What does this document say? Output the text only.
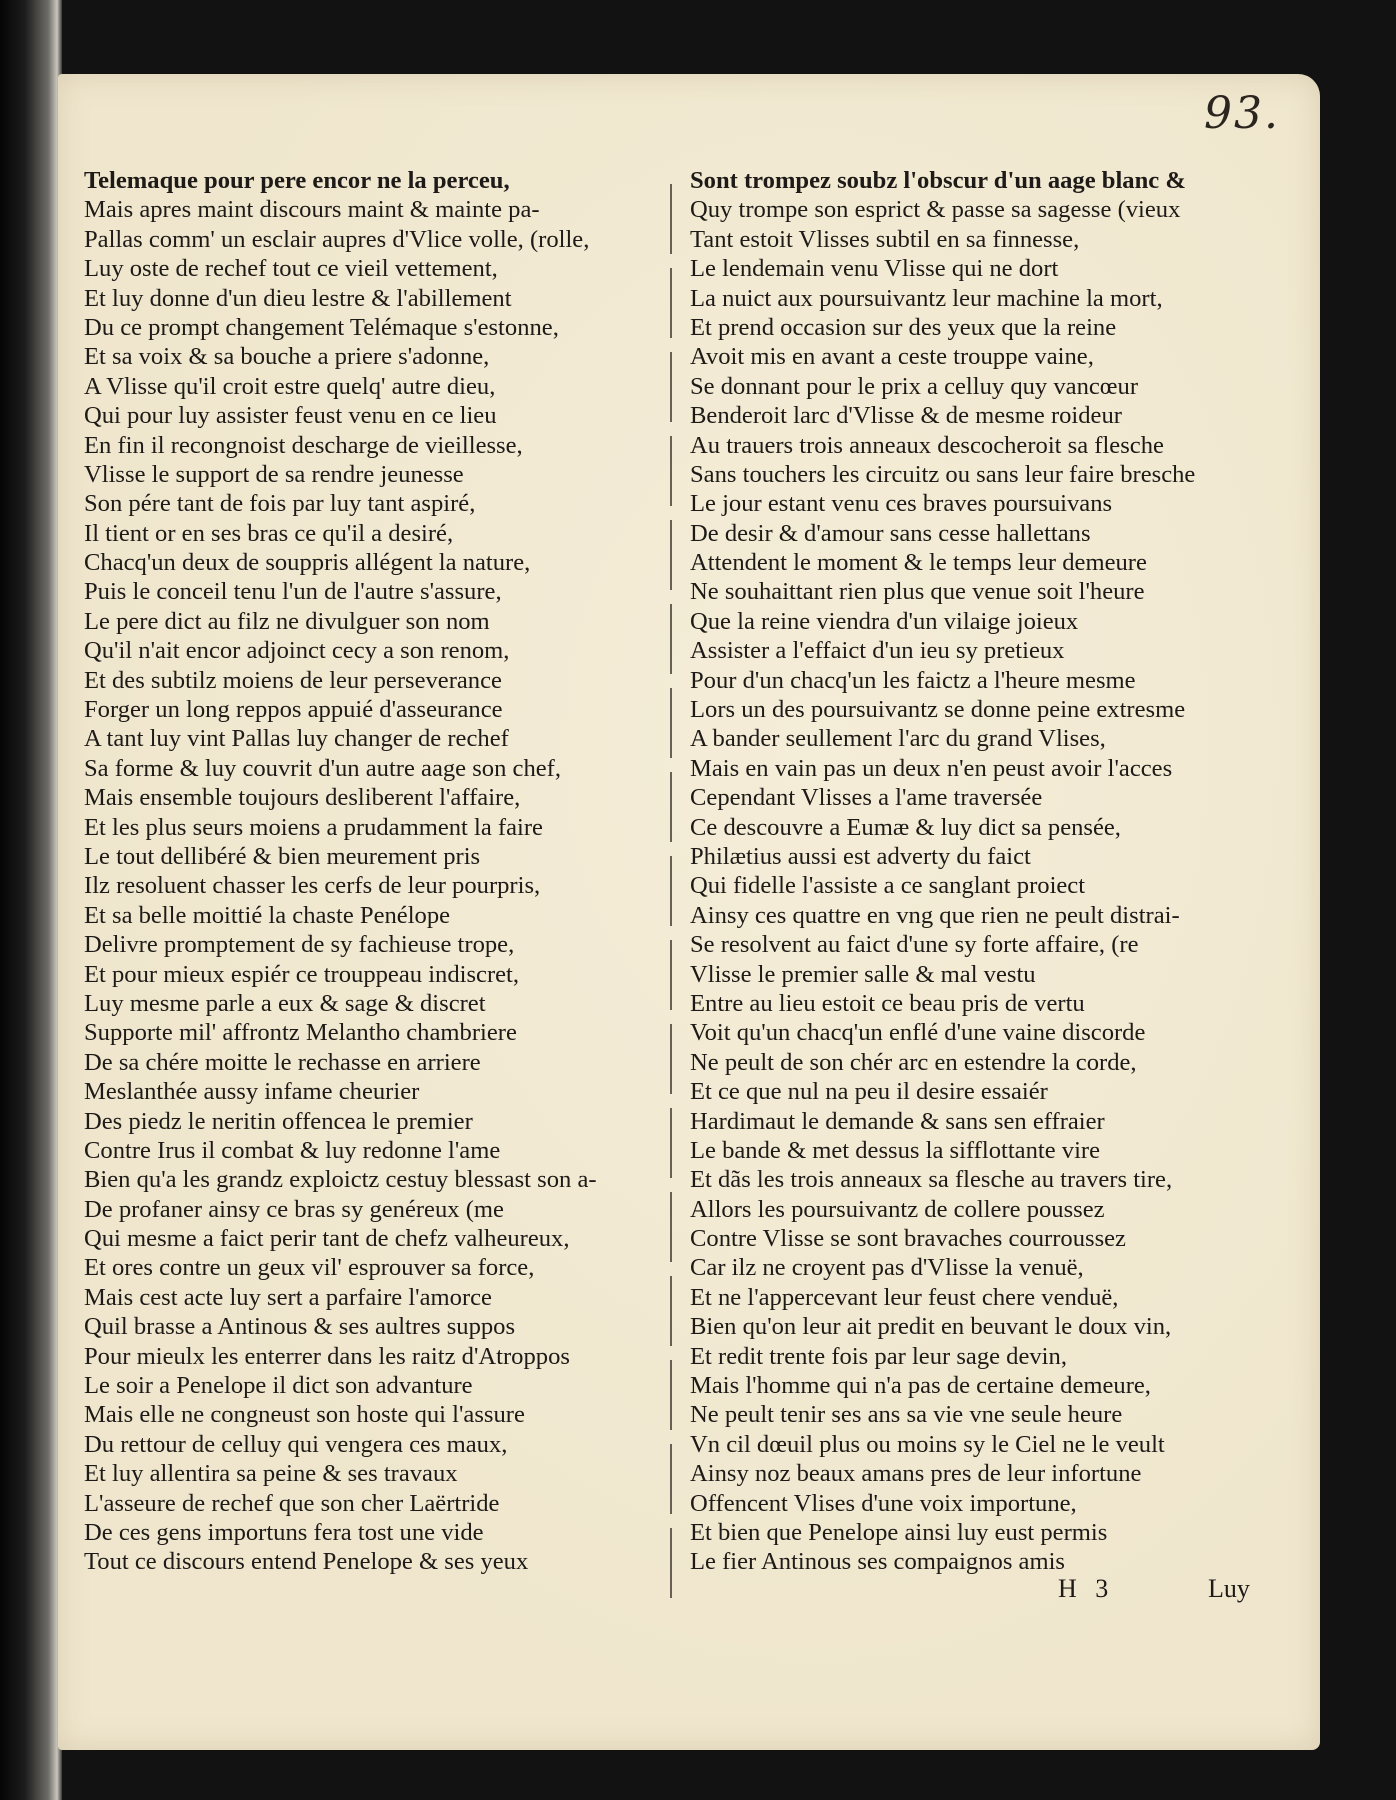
93.
Telemaque pour pere encor ne la perceu,
Mais apres maint discours maint & mainte pa-
Pallas comm' un esclair aupres d'Vlice volle, (rolle,
Luy oste de rechef tout ce vieil vettement,
Et luy donne d'un dieu lestre & l'abillement
Du ce prompt changement Telémaque s'estonne,
Et sa voix & sa bouche a priere s'adonne,
A Vlisse qu'il croit estre quelq' autre dieu,
Qui pour luy assister feust venu en ce lieu
En fin il recongnoist descharge de vieillesse,
Vlisse le support de sa rendre jeunesse
Son pére tant de fois par luy tant aspiré,
Il tient or en ses bras ce qu'il a desiré,
Chacq'un deux de souppris allégent la nature,
Puis le conceil tenu l'un de l'autre s'assure,
Le pere dict au filz ne divulguer son nom
Qu'il n'ait encor adjoinct cecy a son renom,
Et des subtilz moiens de leur perseverance
Forger un long reppos appuié d'asseurance
A tant luy vint Pallas luy changer de rechef
Sa forme & luy couvrit d'un autre aage son chef,
Mais ensemble toujours desliberent l'affaire,
Et les plus seurs moiens a prudamment la faire
Le tout dellibéré & bien meurement pris
Ilz resoluent chasser les cerfs de leur pourpris,
Et sa belle moittié la chaste Penélope
Delivre promptement de sy fachieuse trope,
Et pour mieux espiér ce trouppeau indiscret,
Luy mesme parle a eux & sage & discret
Supporte mil' affrontz Melantho chambriere
De sa chére moitte le rechasse en arriere
Meslanthée aussy infame cheurier
Des piedz le neritin offencea le premier
Contre Irus il combat & luy redonne l'ame
Bien qu'a les grandz exploictz cestuy blessast son a-
De profaner ainsy ce bras sy genéreux (me
Qui mesme a faict perir tant de chefz valheureux,
Et ores contre un geux vil' esprouver sa force,
Mais cest acte luy sert a parfaire l'amorce
Quil brasse a Antinous & ses aultres suppos
Pour mieulx les enterrer dans les raitz d'Atroppos
Le soir a Penelope il dict son advanture
Mais elle ne congneust son hoste qui l'assure
Du rettour de celluy qui vengera ces maux,
Et luy allentira sa peine & ses travaux
L'asseure de rechef que son cher Laërtride
De ces gens importuns fera tost une vide
Tout ce discours entend Penelope & ses yeux
Sont trompez soubz l'obscur d'un aage blanc &
Quy trompe son esprict & passe sa sagesse (vieux
Tant estoit Vlisses subtil en sa finnesse,
Le lendemain venu Vlisse qui ne dort
La nuict aux poursuivantz leur machine la mort,
Et prend occasion sur des yeux que la reine
Avoit mis en avant a ceste trouppe vaine,
Se donnant pour le prix a celluy quy vancœur
Benderoit larc d'Vlisse & de mesme roideur
Au trauers trois anneaux descocheroit sa flesche
Sans touchers les circuitz ou sans leur faire bresche
Le jour estant venu ces braves poursuivans
De desir & d'amour sans cesse hallettans
Attendent le moment & le temps leur demeure
Ne souhaittant rien plus que venue soit l'heure
Que la reine viendra d'un vilaige joieux
Assister a l'effaict d'un ieu sy pretieux
Pour d'un chacq'un les faictz a l'heure mesme
Lors un des poursuivantz se donne peine extresme
A bander seullement l'arc du grand Vlises,
Mais en vain pas un deux n'en peust avoir l'acces
Cependant Vlisses a l'ame traversée
Ce descouvre a Eumæ & luy dict sa pensée,
Philætius aussi est adverty du faict
Qui fidelle l'assiste a ce sanglant proiect
Ainsy ces quattre en vng que rien ne peult distrai-
Se resolvent au faict d'une sy forte affaire, (re
Vlisse le premier salle & mal vestu
Entre au lieu estoit ce beau pris de vertu
Voit qu'un chacq'un enflé d'une vaine discorde
Ne peult de son chér arc en estendre la corde,
Et ce que nul na peu il desire essaiér
Hardimaut le demande & sans sen effraier
Le bande & met dessus la sifflottante vire
Et dãs les trois anneaux sa flesche au travers tire,
Allors les poursuivantz de collere poussez
Contre Vlisse se sont bravaches courroussez
Car ilz ne croyent pas d'Vlisse la venuë,
Et ne l'appercevant leur feust chere venduë,
Bien qu'on leur ait predit en beuvant le doux vin,
Et redit trente fois par leur sage devin,
Mais l'homme qui n'a pas de certaine demeure,
Ne peult tenir ses ans sa vie vne seule heure
Vn cil dœuil plus ou moins sy le Ciel ne le veult
Ainsy noz beaux amans pres de leur infortune
Offencent Vlises d'une voix importune,
Et bien que Penelope ainsi luy eust permis
Le fier Antinous ses compaignos amis
H 3	Luy
